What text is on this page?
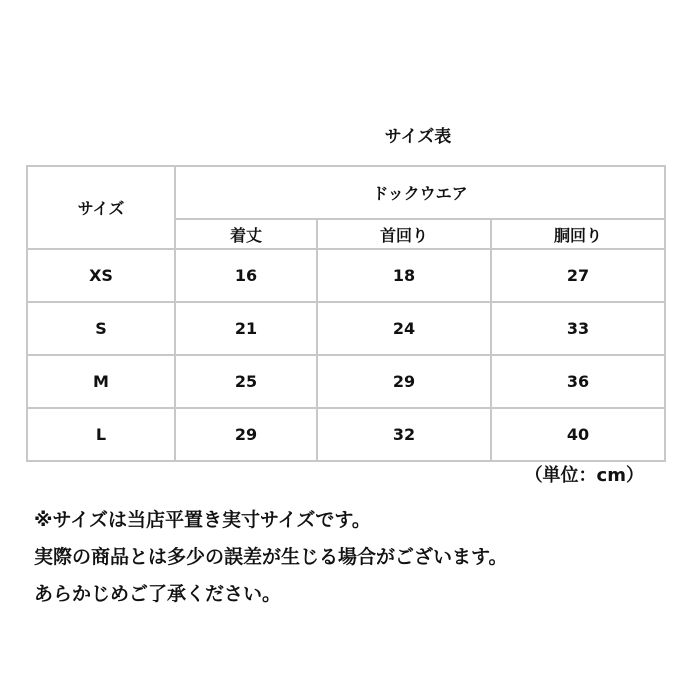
サイズ表
サイズ	ドックウエア		
	着丈	首回り	胴回り
XS	16	18	27
S	21	24	33
M	25	29	36
L	29	32	40
（単位：cm）
※サイズは当店平置き実寸サイズです。
実際の商品とは多少の誤差が生じる場合がございます。
あらかじめご了承ください。
